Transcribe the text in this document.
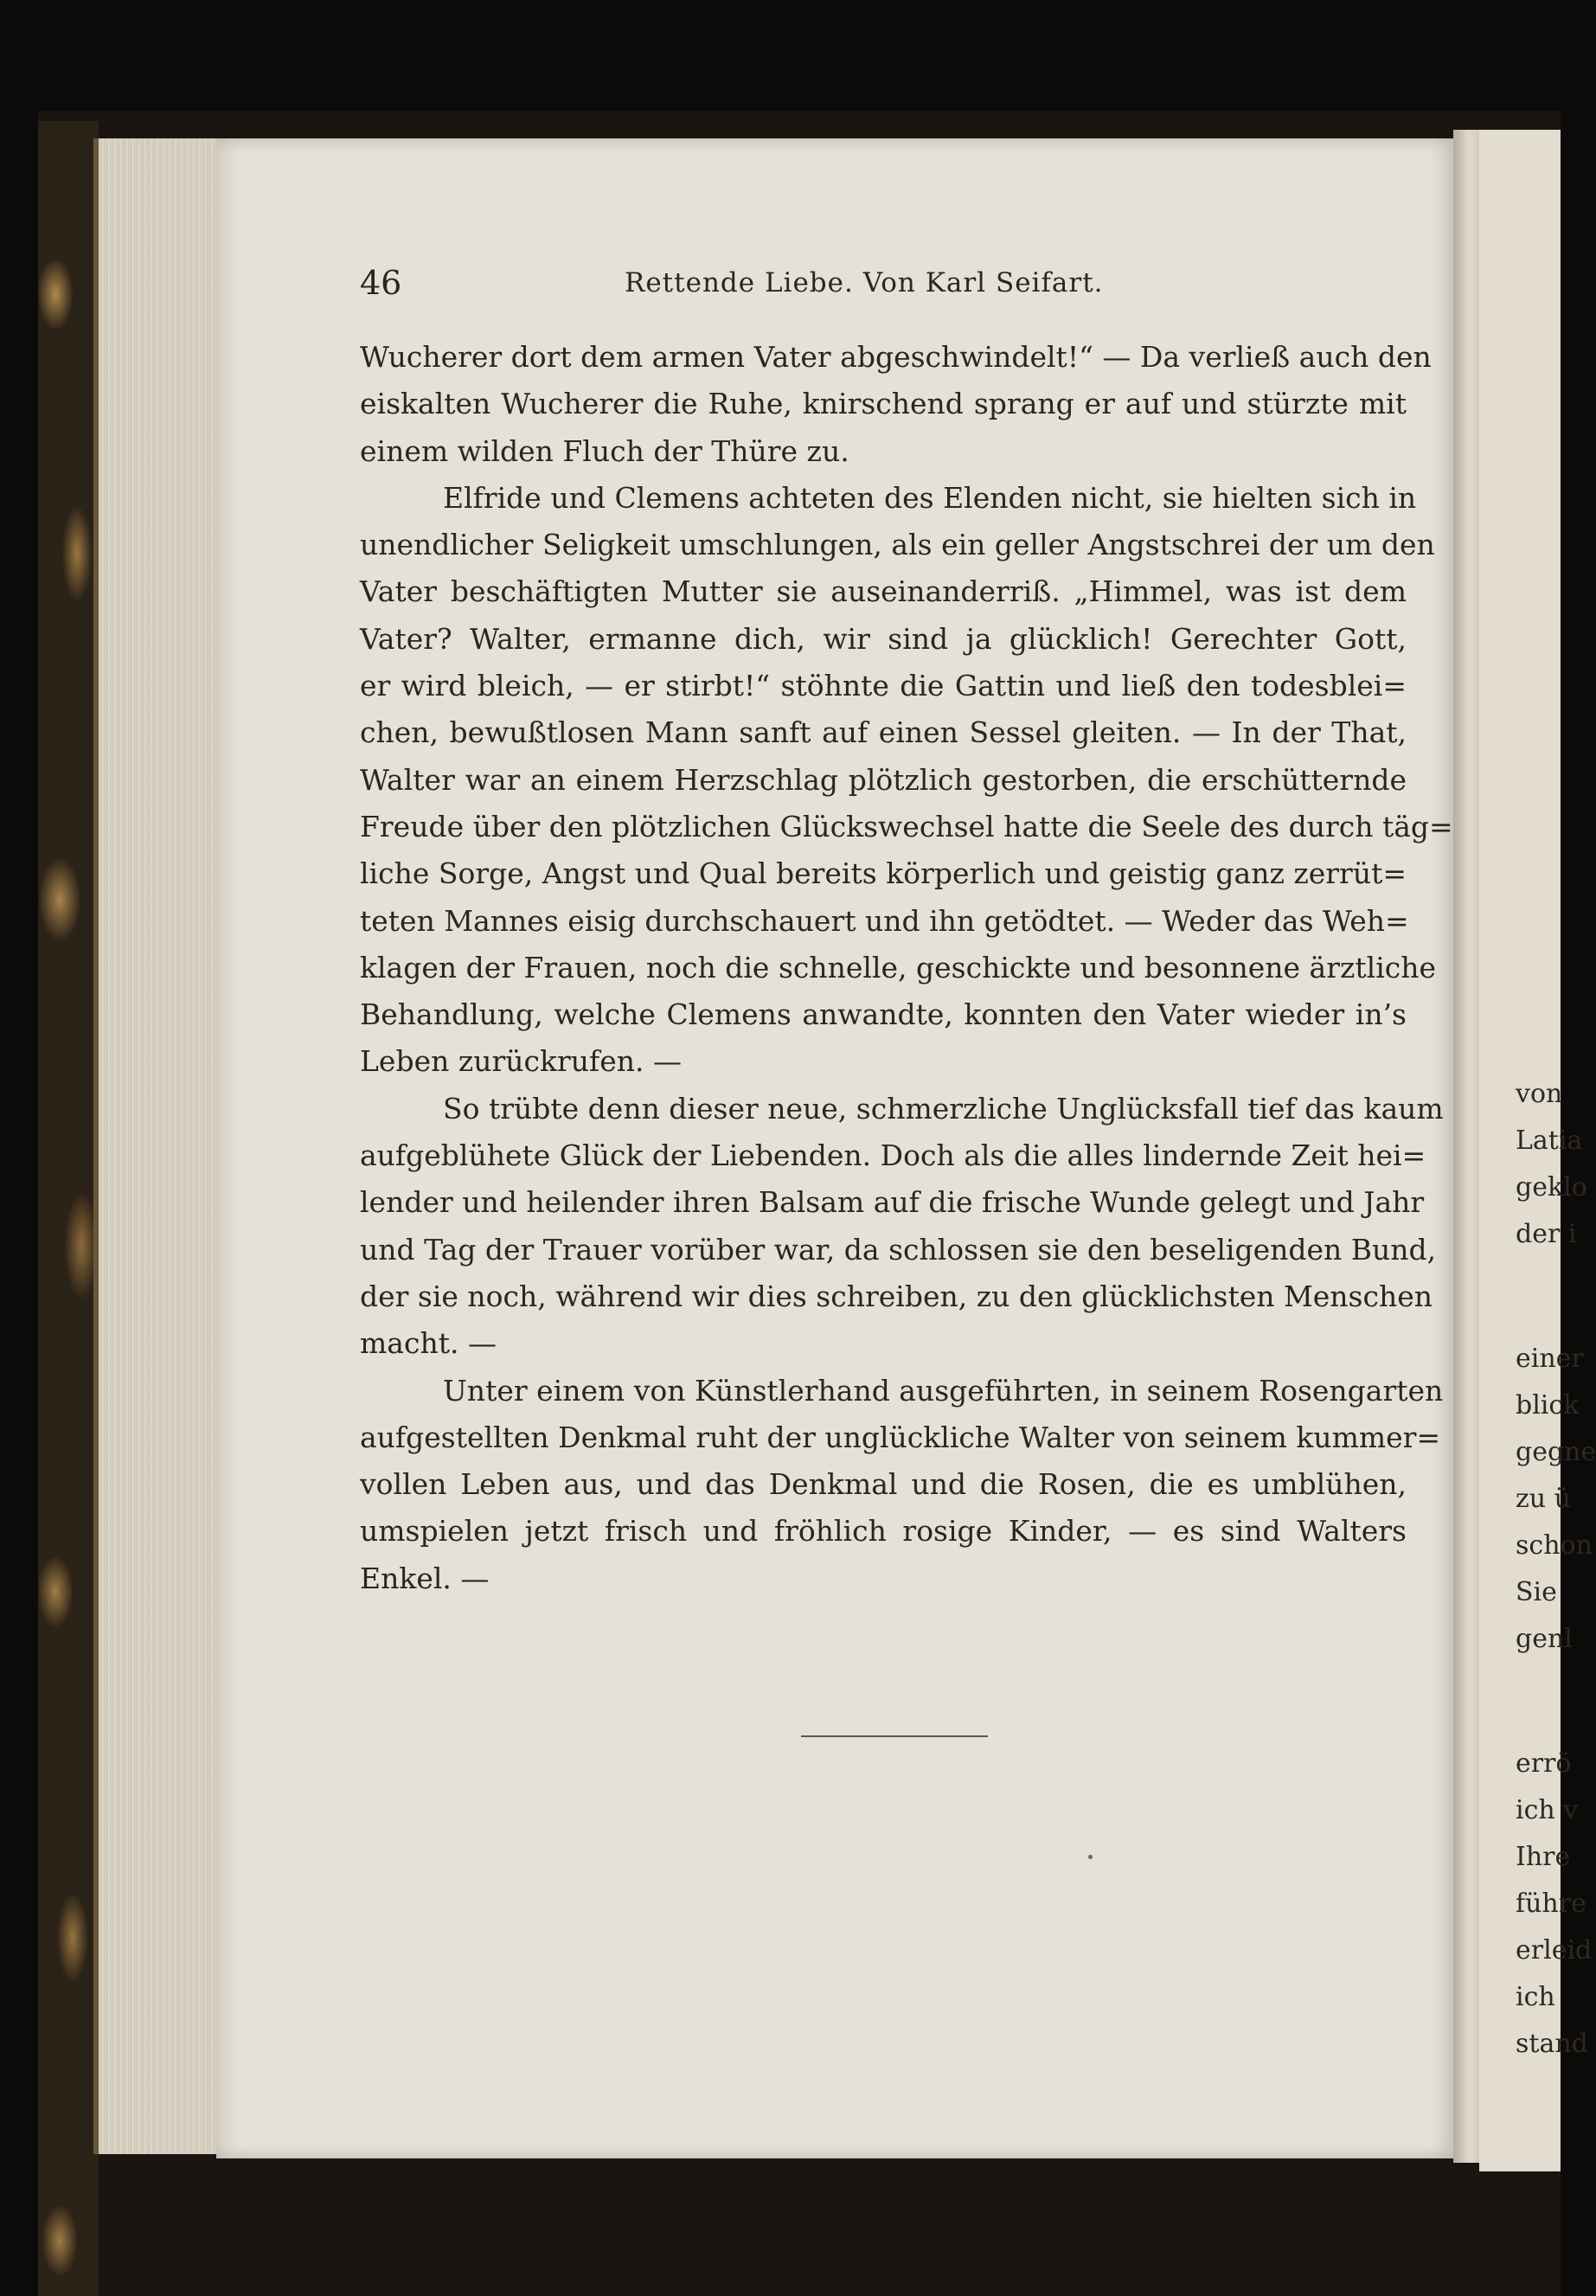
46	Rettende Liebe. Von Karl Seifart.
Wucherer dort dem armen Vater abgeschwindelt!“ — Da verließ auch den
eiskalten Wucherer die Ruhe, knirschend sprang er auf und stürzte mit
einem wilden Fluch der Thüre zu.
Elfride und Clemens achteten des Elenden nicht, sie hielten sich in
unendlicher Seligkeit umschlungen, als ein geller Angstschrei der um den
Vater beschäftigten Mutter sie auseinanderriß. „Himmel, was ist dem
Vater? Walter, ermanne dich, wir sind ja glücklich! Gerechter Gott,
er wird bleich, — er stirbt!“ stöhnte die Gattin und ließ den todesblei=
chen, bewußtlosen Mann sanft auf einen Sessel gleiten. — In der That,
Walter war an einem Herzschlag plötzlich gestorben, die erschütternde
Freude über den plötzlichen Glückswechsel hatte die Seele des durch täg=
liche Sorge, Angst und Qual bereits körperlich und geistig ganz zerrüt=
teten Mannes eisig durchschauert und ihn getödtet. — Weder das Weh=
klagen der Frauen, noch die schnelle, geschickte und besonnene ärztliche
Behandlung, welche Clemens anwandte, konnten den Vater wieder in’s
Leben zurückrufen. —
So trübte denn dieser neue, schmerzliche Unglücksfall tief das kaum
aufgeblühete Glück der Liebenden. Doch als die alles lindernde Zeit hei=
lender und heilender ihren Balsam auf die frische Wunde gelegt und Jahr
und Tag der Trauer vorüber war, da schlossen sie den beseligenden Bund,
der sie noch, während wir dies schreiben, zu den glücklichsten Menschen
macht. —
Unter einem von Künstlerhand ausgeführten, in seinem Rosengarten
aufgestellten Denkmal ruht der unglückliche Walter von seinem kummer=
vollen Leben aus, und das Denkmal und die Rosen, die es umblühen,
umspielen jetzt frisch und fröhlich rosige Kinder, — es sind Walters
Enkel. —
von
Latia
geklo
der i
einer
blick
gegne
zu ü
schon
Sie
genl
errö
ich v
Ihre
führe
erleid
ich
stand
